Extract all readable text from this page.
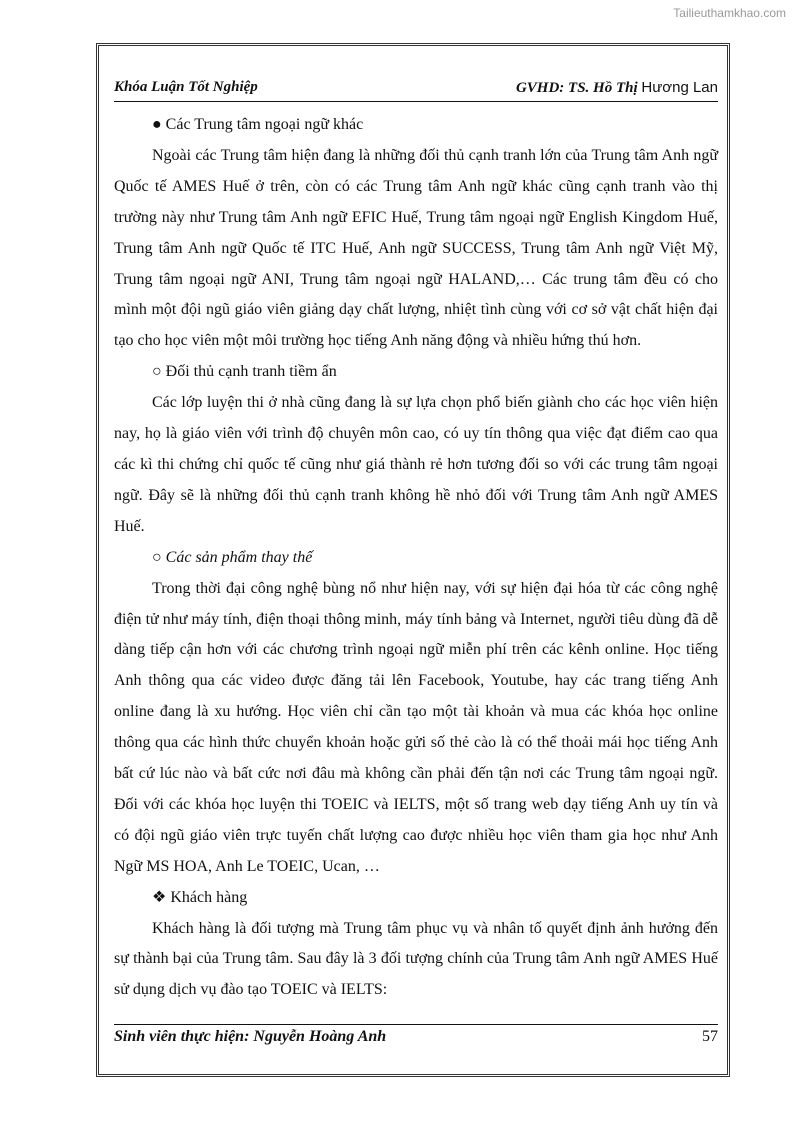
Tailieuthamkhao.com
Khóa Luận Tốt Nghiệp	GVHD: TS. Hồ Thị Hương Lan

● Các Trung tâm ngoại ngữ khác

Ngoài các Trung tâm hiện đang là những đối thủ cạnh tranh lớn của Trung tâm Anh ngữ Quốc tế AMES Huế ở trên, còn có các Trung tâm Anh ngữ khác cũng cạnh tranh vào thị trường này như Trung tâm Anh ngữ EFIC Huế, Trung tâm ngoại ngữ English Kingdom Huế, Trung tâm Anh ngữ Quốc tế ITC Huế, Anh ngữ SUCCESS, Trung tâm Anh ngữ Việt Mỹ, Trung tâm ngoại ngữ ANI, Trung tâm ngoại ngữ HALAND,… Các trung tâm đều có cho mình một đội ngũ giáo viên giảng dạy chất lượng, nhiệt tình cùng với cơ sở vật chất hiện đại tạo cho học viên một môi trường học tiếng Anh năng động và nhiều hứng thú hơn.

○ Đối thủ cạnh tranh tiềm ẩn

Các lớp luyện thi ở nhà cũng đang là sự lựa chọn phổ biến giành cho các học viên hiện nay, họ là giáo viên với trình độ chuyên môn cao, có uy tín thông qua việc đạt điểm cao qua các kì thi chứng chỉ quốc tế cũng như giá thành rẻ hơn tương đối so với các trung tâm ngoại ngữ. Đây sẽ là những đối thủ cạnh tranh không hề nhỏ đối với Trung tâm Anh ngữ AMES Huế.

○ Các sản phẩm thay thế

Trong thời đại công nghệ bùng nổ như hiện nay, với sự hiện đại hóa từ các công nghệ điện tử như máy tính, điện thoại thông minh, máy tính bảng và Internet, người tiêu dùng đã dễ dàng tiếp cận hơn với các chương trình ngoại ngữ miễn phí trên các kênh online. Học tiếng Anh thông qua các video được đăng tải lên Facebook, Youtube, hay các trang tiếng Anh online đang là xu hướng. Học viên chỉ cần tạo một tài khoản và mua các khóa học online thông qua các hình thức chuyển khoản hoặc gửi số thẻ cào là có thể thoải mái học tiếng Anh bất cứ lúc nào và bất cức nơi đâu mà không cần phải đến tận nơi các Trung tâm ngoại ngữ. Đối với các khóa học luyện thi TOEIC và IELTS, một số trang web dạy tiếng Anh uy tín và có đội ngũ giáo viên trực tuyến chất lượng cao được nhiều học viên tham gia học như Anh Ngữ MS HOA, Anh Le TOEIC, Ucan, …

❖ Khách hàng

Khách hàng là đối tượng mà Trung tâm phục vụ và nhân tố quyết định ảnh hưởng đến sự thành bại của Trung tâm. Sau đây là 3 đối tượng chính của Trung tâm Anh ngữ AMES Huế sử dụng dịch vụ đào tạo TOEIC và IELTS:

Sinh viên thực hiện: Nguyễn Hoàng Anh	57
